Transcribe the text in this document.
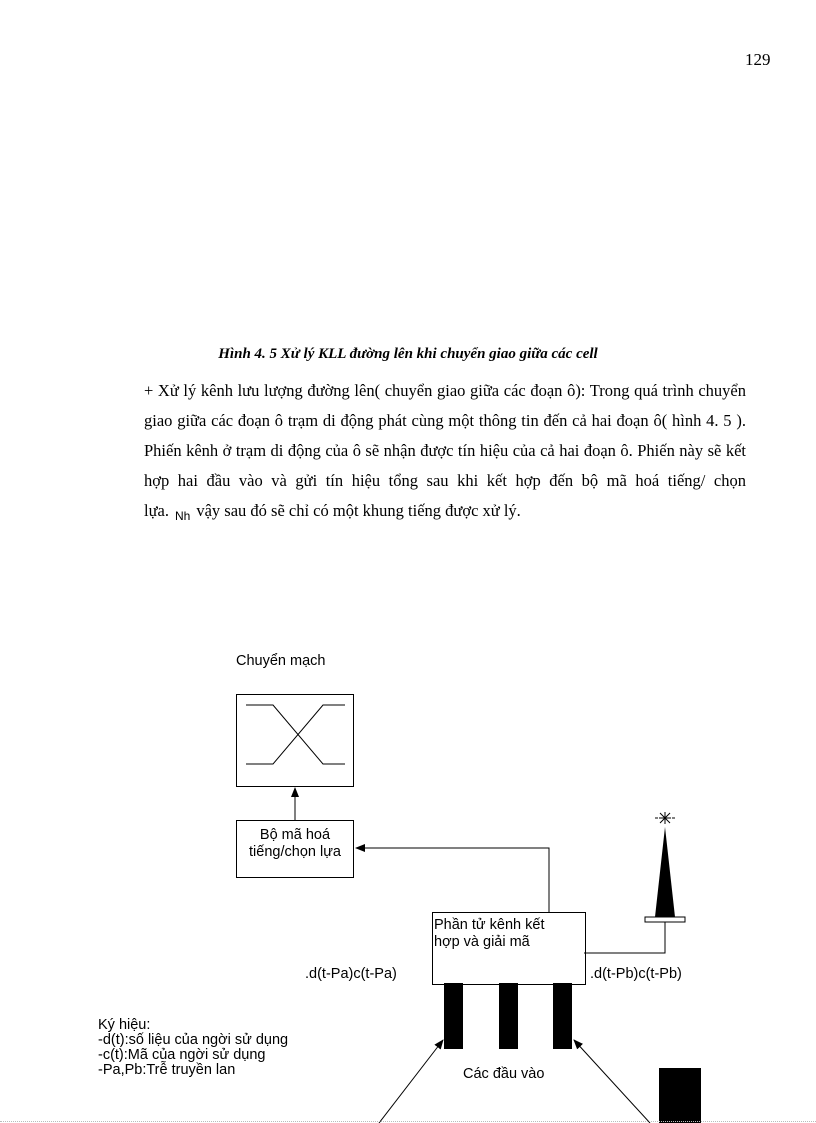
129
Hình 4. 5 Xử lý KLL đường lên khi chuyển giao giữa các cell

+ Xử lý kênh lưu lượng đường lên( chuyển giao giữa các đoạn ô): Trong quá trình chuyển giao giữa các đoạn ô trạm di động phát cùng một thông tin đến cả hai đoạn ô( hình 4. 5 ). Phiến kênh ở trạm di động của ô sẽ nhận được tín hiệu của cả hai đoạn ô. Phiến này sẽ kết hợp hai đầu vào và gửi tín hiệu tổng sau khi kết hợp đến bộ mã hoá tiếng/ chọn lựa. $_{Nh}$ vậy sau đó sẽ chỉ có một khung tiếng được xử lý.

Chuyển mạch
Bộ mã hoá
tiếng/chọn lựa
Phần tử kênh kết
hợp và giải mã
.d(t-Pa)c(t-Pa)	.d(t-Pb)c(t-Pb)
Các đầu vào
Ký hiệu:
-d(t):số liệu của ngời sử dụng
-c(t):Mã của ngời sử dụng
-Pa,Pb:Trễ truyền lan
